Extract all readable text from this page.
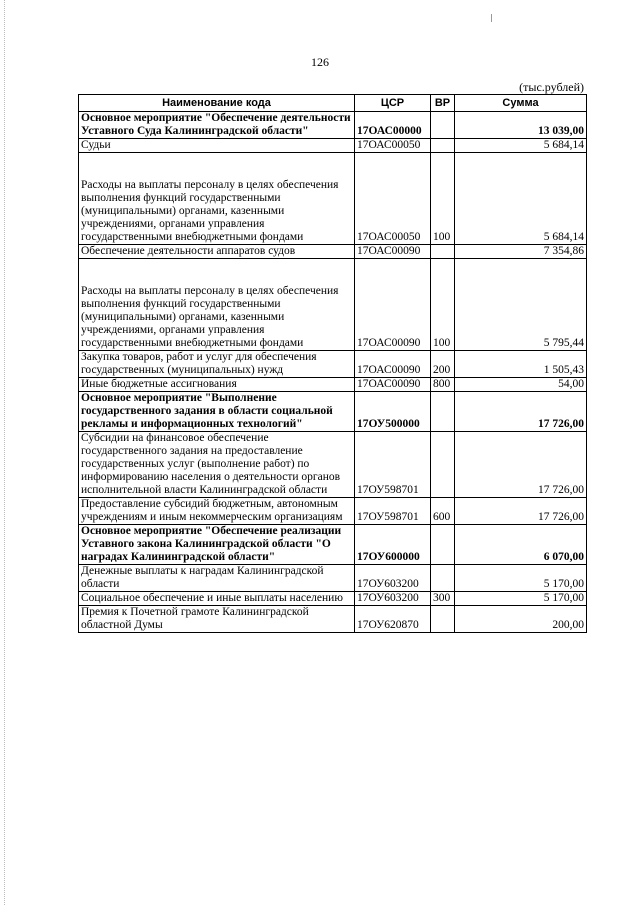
126
(тыс.рублей)
Наименование кода	ЦСР	ВР	Сумма
Основное мероприятие "Обеспечение деятельности Уставного Суда Калининградской области"	17ОАС00000		13 039,00
Судьи	17ОАС00050		5 684,14

Расходы на выплаты персоналу в целях обеспечения выполнения функций государственными (муниципальными) органами, казенными учреждениями, органами управления государственными внебюджетными фондами	17ОАС00050	100	5 684,14
Обеспечение деятельности аппаратов судов	17ОАС00090		7 354,86

Расходы на выплаты персоналу в целях обеспечения выполнения функций государственными (муниципальными) органами, казенными учреждениями, органами управления государственными внебюджетными фондами	17ОАС00090	100	5 795,44
Закупка товаров, работ и услуг для обеспечения государственных (муниципальных) нужд	17ОАС00090	200	1 505,43
Иные бюджетные ассигнования	17ОАС00090	800	54,00
Основное мероприятие "Выполнение государственного задания в области социальной рекламы и информационных технологий"	17ОУ500000		17 726,00
Субсидии на финансовое обеспечение государственного задания на предоставление государственных услуг (выполнение работ) по информированию населения о деятельности органов исполнительной власти Калининградской области	17ОУ598701		17 726,00
Предоставление субсидий бюджетным, автономным учреждениям и иным некоммерческим организациям	17ОУ598701	600	17 726,00
Основное мероприятие "Обеспечение реализации Уставного закона Калининградской области "О наградах Калининградской области"	17ОУ600000		6 070,00
Денежные выплаты к наградам Калининградской области	17ОУ603200		5 170,00
Социальное обеспечение и иные выплаты населению	17ОУ603200	300	5 170,00
Премия к Почетной грамоте Калининградской областной Думы	17ОУ620870		200,00
